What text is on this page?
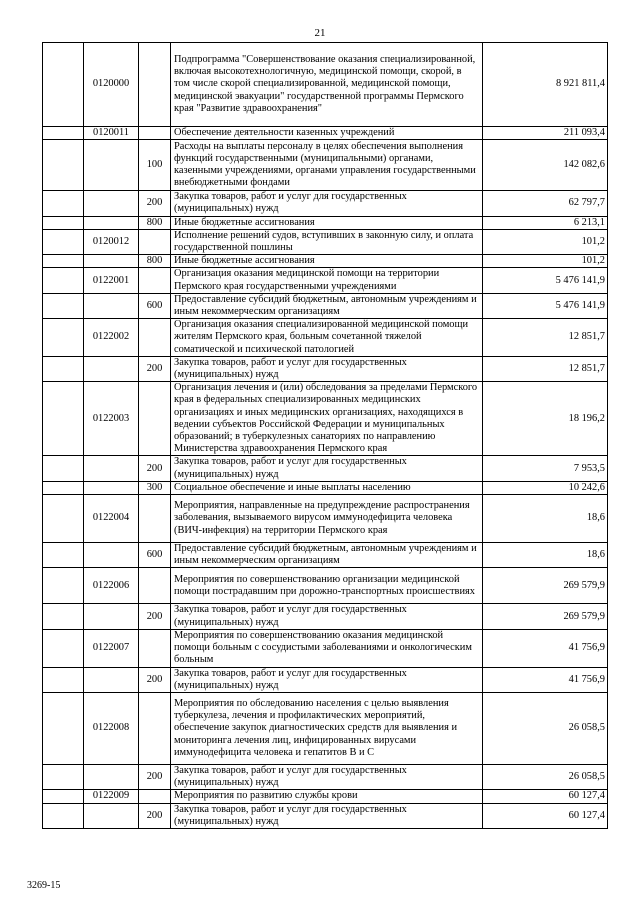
21
	0120000		Подпрограмма "Совершенствование оказания специализированной, включая высокотехнологичную, медицинской помощи, скорой, в том числе скорой специализированной, медицинской помощи, медицинской эвакуации" государственной программы Пермского края "Развитие здравоохранения"	8 921 811,4
	0120011		Обеспечение деятельности казенных учреждений	211 093,4
		100	Расходы на выплаты персоналу в целях обеспечения выполнения функций государственными (муниципальными) органами, казенными учреждениями, органами управления государственными внебюджетными фондами	142 082,6
		200	Закупка товаров, работ и услуг для государственных (муниципальных) нужд	62 797,7
		800	Иные бюджетные ассигнования	6 213,1
	0120012		Исполнение решений судов, вступивших в законную силу, и оплата государственной пошлины	101,2
		800	Иные бюджетные ассигнования	101,2
	0122001		Организация оказания медицинской помощи на территории Пермского края государственными учреждениями	5 476 141,9
		600	Предоставление субсидий бюджетным, автономным учреждениям и иным некоммерческим организациям	5 476 141,9
	0122002		Организация оказания специализированной медицинской помощи жителям Пермского края, больным сочетанной тяжелой соматической и психической патологией	12 851,7
		200	Закупка товаров, работ и услуг для государственных (муниципальных) нужд	12 851,7
	0122003		Организация лечения и (или) обследования за пределами Пермского края в федеральных специализированных медицинских организациях и иных медицинских организациях, находящихся в ведении субъектов Российской Федерации и муниципальных образований; в туберкулезных санаториях по направлению Министерства здравоохранения Пермского края	18 196,2
		200	Закупка товаров, работ и услуг для государственных (муниципальных) нужд	7 953,5
		300	Социальное обеспечение и иные выплаты населению	10 242,6
	0122004		Мероприятия, направленные на предупреждение распространения заболевания, вызываемого вирусом иммунодефицита человека (ВИЧ-инфекция) на территории Пермского края	18,6
		600	Предоставление субсидий бюджетным, автономным учреждениям и иным некоммерческим организациям	18,6
	0122006		Мероприятия по совершенствованию организации медицинской помощи пострадавшим при дорожно-транспортных происшествиях	269 579,9
		200	Закупка товаров, работ и услуг для государственных (муниципальных) нужд	269 579,9
	0122007		Мероприятия по совершенствованию оказания медицинской помощи больным с сосудистыми заболеваниями и онкологическим больным	41 756,9
		200	Закупка товаров, работ и услуг для государственных (муниципальных) нужд	41 756,9
	0122008		Мероприятия по обследованию населения с целью выявления туберкулеза, лечения и профилактических мероприятий, обеспечение закупок диагностических средств для выявления и мониторинга лечения лиц, инфицированных вирусами иммунодефицита человека и гепатитов В и С	26 058,5
		200	Закупка товаров, работ и услуг для государственных (муниципальных) нужд	26 058,5
	0122009		Мероприятия по развитию службы крови	60 127,4
		200	Закупка товаров, работ и услуг для государственных (муниципальных) нужд	60 127,4
3269-15
